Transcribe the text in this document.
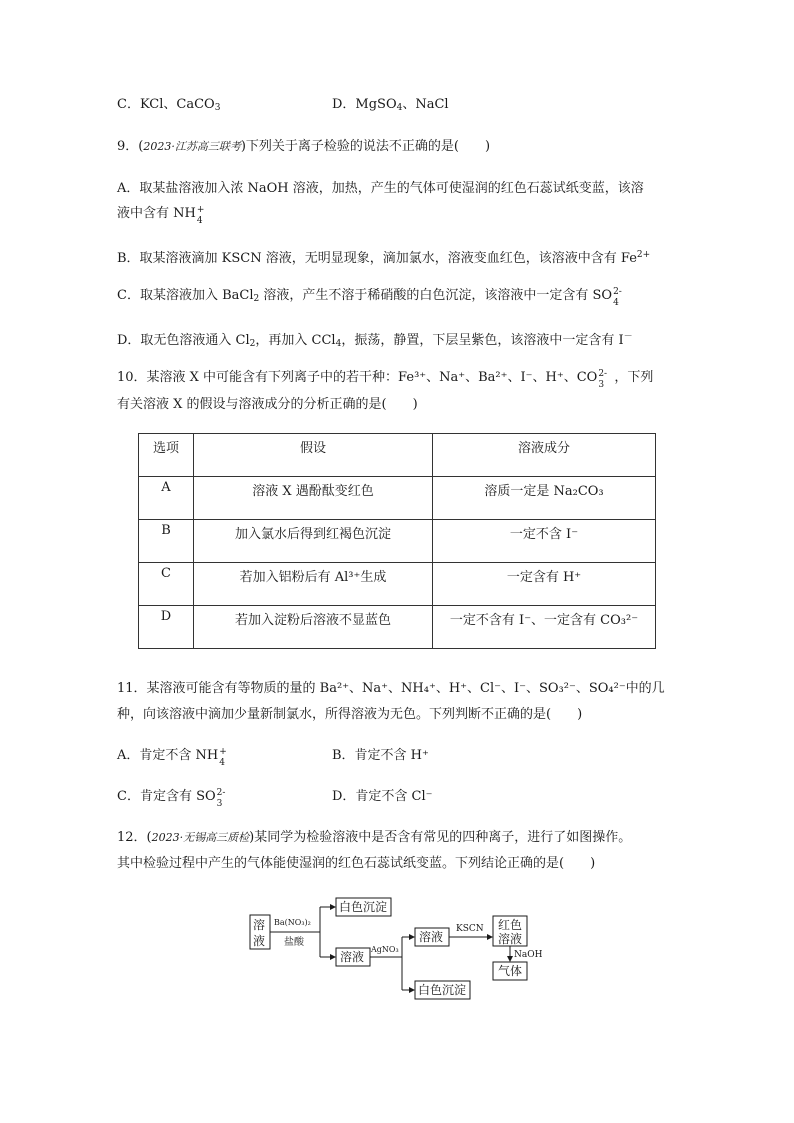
C．KCl、CaCO$_3$	D．MgSO$_4$、NaCl
9．(2023·江苏高三联考)下列关于离子检验的说法不正确的是(　　)
A．取某盐溶液加入浓 NaOH 溶液，加热，产生的气体可使湿润的红色石蕊试纸变蓝，该溶
液中含有 NH +
4
B．取某溶液滴加 KSCN 溶液，无明显现象，滴加氯水，溶液变血红色，该溶液中含有 $Fe^{2+}$
C．取某溶液加入 BaCl$_2$ 溶液，产生不溶于稀硝酸的白色沉淀，该溶液中一定含有 SO 2-
4
D．取无色溶液通入 $Cl_2$，再加入 CCl$_4$，振荡，静置，下层呈紫色，该溶液中一定含有 I－
10．某溶液 X 中可能含有下列离子中的若干种：Fe³⁺、Na⁺、Ba²⁺、I⁻、H⁺、CO 2-
3 ，下列
有关溶液 X 的假设与溶液成分的分析正确的是(　　)
选项	假设	溶液成分
A	溶液 X 遇酚酞变红色	溶质一定是 Na₂CO₃
B	加入氯水后得到红褐色沉淀	一定不含 I⁻
C	若加入铝粉后有 Al³⁺生成	一定含有 H⁺
D	若加入淀粉后溶液不显蓝色	一定不含有 I⁻、一定含有 CO₃²⁻
11．某溶液可能含有等物质的量的 Ba²⁺、Na⁺、NH₄⁺、H⁺、Cl⁻、I⁻、SO₃²⁻、SO₄²⁻中的几
种，向该溶液中滴加少量新制氯水，所得溶液为无色。下列判断不正确的是(　　)
A．肯定不含 NH +
4	B．肯定不含 H⁺
C．肯定含有 SO 2-
3	D．肯定不含 Cl⁻
12．(2023·无锡高三质检)某同学为检验溶液中是否含有常见的四种离子，进行了如图操作。
其中检验过程中产生的气体能使湿润的红色石蕊试纸变蓝。下列结论正确的是(　　)
溶
液
Ba(NO₃)₂
盐酸
白色沉淀
溶液
AgNO₃
溶液
KSCN 红色
溶液
NaOH
气体
白色沉淀
